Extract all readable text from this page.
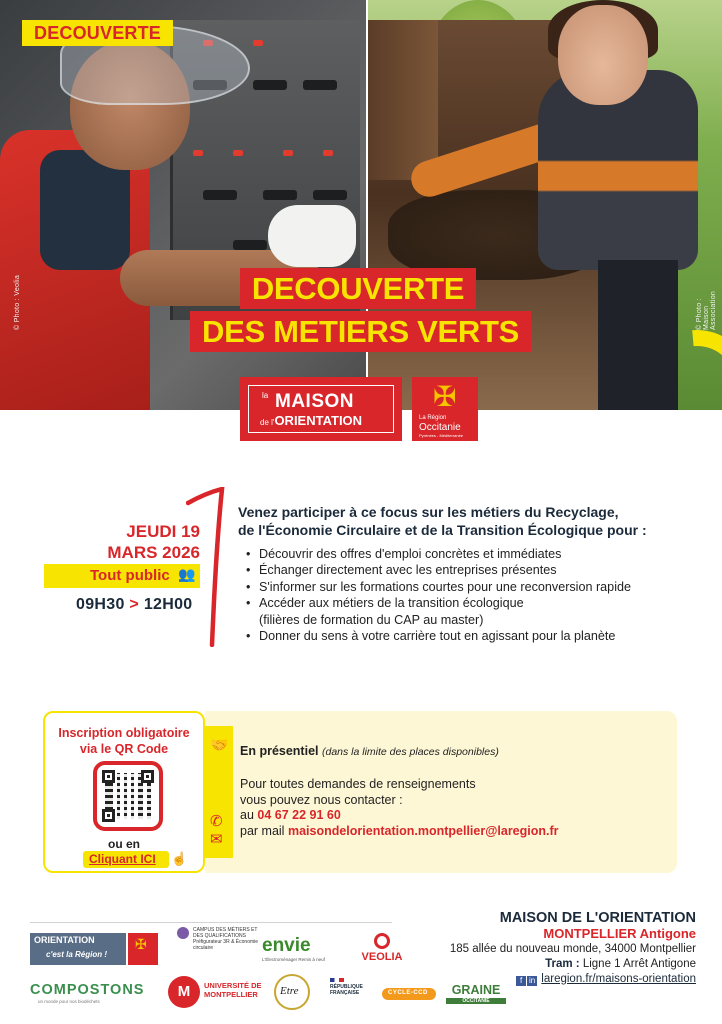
© Photo : Veolia	© Photo : Maison Association
DECOUVERTE
DECOUVERTE
DES METIERS VERTS
la MAISON
de l'ORIENTATION
✠
La Région
Occitanie
Pyrénées - Méditerranée
JEUDI 19
MARS 2026
Tout public 👥
09H30 > 12H00
Venez participer à ce focus sur les métiers du Recyclage,
de l'Économie Circulaire et de la Transition Écologique pour :
• Découvrir des offres d'emploi concrètes et immédiates
• Échanger directement avec les entreprises présentes
• S'informer sur les formations courtes pour une reconversion rapide
• Accéder aux métiers de la transition écologique
(filières de formation du CAP au master)
• Donner du sens à votre carrière tout en agissant pour la planète
🤝
✆
✉
Inscription obligatoire
via le QR Code
ou en
Cliquant ICI ☝
En présentiel (dans la limite des places disponibles)
Pour toutes demandes de renseignements
vous pouvez nous contacter :
au 04 67 22 91 60
par mail maisondelorientation.montpellier@laregion.fr
MAISON DE L'ORIENTATION
MONTPELLIER Antigone
185 allée du nouveau monde, 34000 Montpellier
Tram : Ligne 1 Arrêt Antigone
f in laregion.fr/maisons-orientation
ORIENTATION
c'est la Région !
✠
CAMPUS DES MÉTIERS ET DES QUALIFICATIONS Préfigurateur 3R & Économie circulaire	envie
L'Électroménager Remis à neuf	VEOLIA
COMPOSTONS
un monde pour nos biodéchets
M	UNIVERSITÉ DE MONTPELLIER	Etre	RÉPUBLIQUE FRANÇAISE	CYCLE-CCD	GRAINE
OCCITANIE
